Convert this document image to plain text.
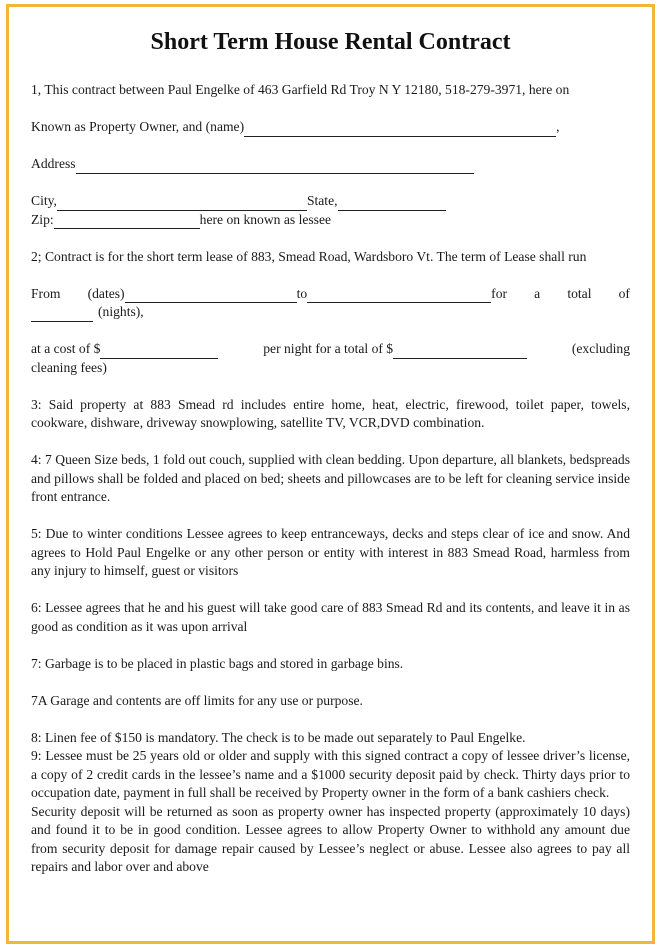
Short Term House Rental Contract

1, This contract between Paul Engelke of 463 Garfield Rd Troy N Y 12180, 518-279-3971, here on

Known as Property Owner, and (name)	,
Address
City,	State,
Zip:	here on known as lessee

2; Contract is for the short term lease of 883, Smead Road, Wardsboro Vt. The term of Lease shall run

From (dates)	to	for a total of
(nights),
at a cost of $	per night for a total of $	(excluding
cleaning fees)

3: Said property at 883 Smead rd includes entire home, heat, electric, firewood, toilet paper, towels, cookware, dishware, driveway snowplowing, satellite TV, VCR,DVD combination.

4: 7 Queen Size beds, 1 fold out couch, supplied with clean bedding. Upon departure, all blankets, bedspreads and pillows shall be folded and placed on bed; sheets and pillowcases are to be left for cleaning service inside front entrance.

5: Due to winter conditions Lessee agrees to keep entranceways, decks and steps clear of ice and snow. And agrees to Hold Paul Engelke or any other person or entity with interest in 883 Smead Road, harmless from any injury to himself, guest or visitors

6: Lessee agrees that he and his guest will take good care of 883 Smead Rd and its contents, and leave it in as good as condition as it was upon arrival

7: Garbage is to be placed in plastic bags and stored in garbage bins.

7A Garage and contents are off limits for any use or purpose.

8: Linen fee of $150 is mandatory. The check is to be made out separately to Paul Engelke.

9: Lessee must be 25 years old or older and supply with this signed contract a copy of lessee driver’s license, a copy of 2 credit cards in the lessee’s name and a $1000 security deposit paid by check. Thirty days prior to occupation date, payment in full shall be received by Property owner in the form of a bank cashiers check.

Security deposit will be returned as soon as property owner has inspected property (approximately 10 days) and found it to be in good condition. Lessee agrees to allow Property Owner to withhold any amount due from security deposit for damage repair caused by Lessee’s neglect or abuse. Lessee also agrees to pay all repairs and labor over and above
